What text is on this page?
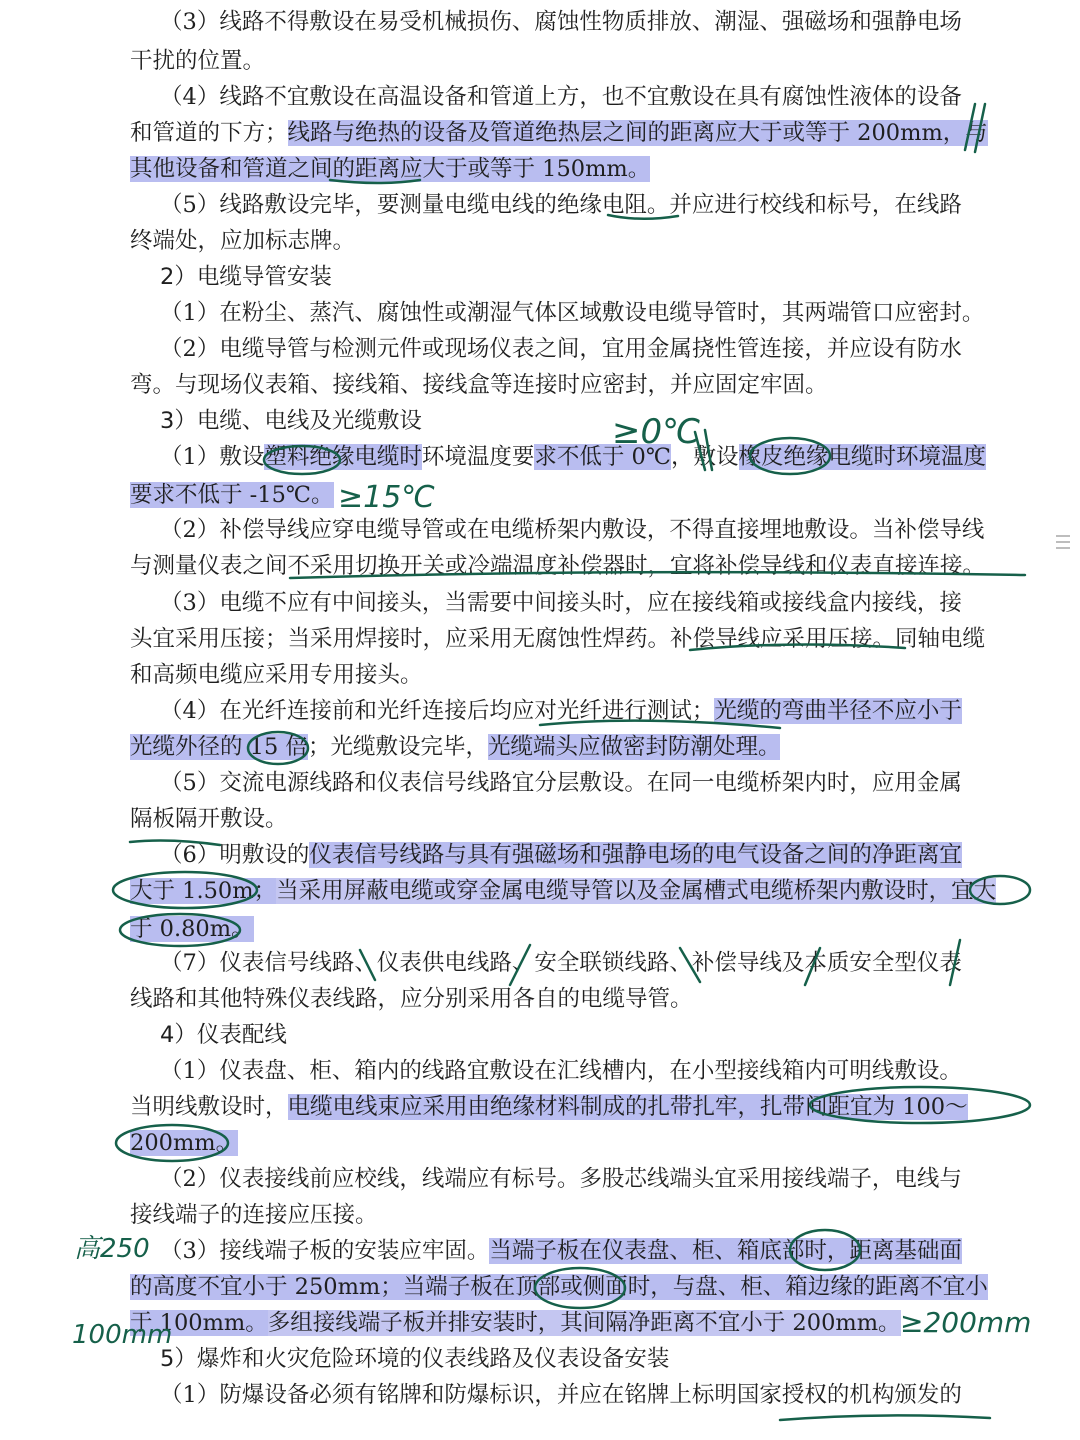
（3）线路不得敷设在易受机械损伤、腐蚀性物质排放、潮湿、强磁场和强静电场
干扰的位置。
（4）线路不宜敷设在高温设备和管道上方，也不宜敷设在具有腐蚀性液体的设备
和管道的下方；线路与绝热的设备及管道绝热层之间的距离应大于或等于 200mm，与
其他设备和管道之间的距离应大于或等于 150mm。
（5）线路敷设完毕，要测量电缆电线的绝缘电阻。并应进行校线和标号，在线路
终端处，应加标志牌。
2）电缆导管安装
（1）在粉尘、蒸汽、腐蚀性或潮湿气体区域敷设电缆导管时，其两端管口应密封。
（2）电缆导管与检测元件或现场仪表之间，宜用金属挠性管连接，并应设有防水
弯。与现场仪表箱、接线箱、接线盒等连接时应密封，并应固定牢固。
3）电缆、电线及光缆敷设
（1）敷设塑料绝缘电缆时环境温度要求不低于 0℃，敷设橡皮绝缘电缆时环境温度
要求不低于 -15℃。
（2）补偿导线应穿电缆导管或在电缆桥架内敷设，不得直接埋地敷设。当补偿导线
与测量仪表之间不采用切换开关或冷端温度补偿器时，宜将补偿导线和仪表直接连接。
（3）电缆不应有中间接头，当需要中间接头时，应在接线箱或接线盒内接线，接
头宜采用压接；当采用焊接时，应采用无腐蚀性焊药。补偿导线应采用压接。同轴电缆
和高频电缆应采用专用接头。
（4）在光纤连接前和光纤连接后均应对光纤进行测试；光缆的弯曲半径不应小于
光缆外径的 15 倍；光缆敷设完毕，光缆端头应做密封防潮处理。
（5）交流电源线路和仪表信号线路宜分层敷设。在同一电缆桥架内时，应用金属
隔板隔开敷设。
（6）明敷设的仪表信号线路与具有强磁场和强静电场的电气设备之间的净距离宜
大于 1.50m；当采用屏蔽电缆或穿金属电缆导管以及金属槽式电缆桥架内敷设时，宜大
于 0.80m。
（7）仪表信号线路、仪表供电线路、安全联锁线路、补偿导线及本质安全型仪表
线路和其他特殊仪表线路，应分别采用各自的电缆导管。
4）仪表配线
（1）仪表盘、柜、箱内的线路宜敷设在汇线槽内，在小型接线箱内可明线敷设。
当明线敷设时，电缆电线束应采用由绝缘材料制成的扎带扎牢，扎带间距宜为 100～
200mm。
（2）仪表接线前应校线，线端应有标号。多股芯线端头宜采用接线端子，电线与
接线端子的连接应压接。
（3）接线端子板的安装应牢固。当端子板在仪表盘、柜、箱底部时，距离基础面
的高度不宜小于 250mm；当端子板在顶部或侧面时，与盘、柜、箱边缘的距离不宜小
于 100mm。多组接线端子板并排安装时，其间隔净距离不宜小于 200mm。
5）爆炸和火灾危险环境的仪表线路及仪表设备安装
（1）防爆设备必须有铭牌和防爆标识，并应在铭牌上标明国家授权的机构颁发的
≥0℃
≥15℃
高250
≥200mm
100mm
